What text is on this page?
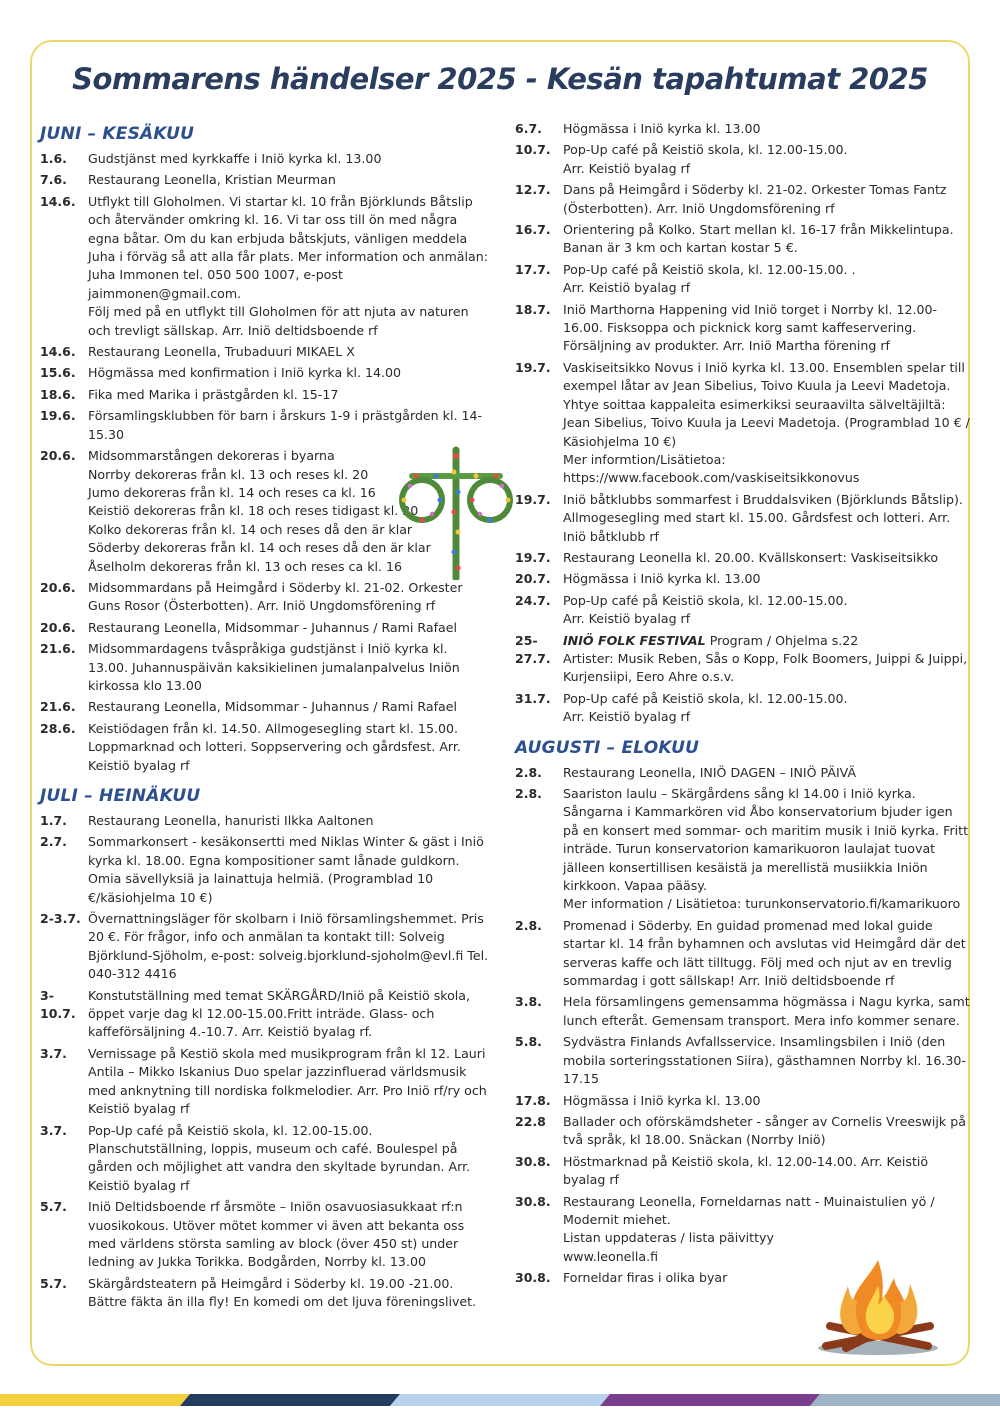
Sommarens händelser 2025 - Kesän tapahtumat 2025
JUNI – KESÄKUU
1.6.	Gudstjänst med kyrkkaffe i Iniö kyrka kl. 13.00
7.6.	Restaurang Leonella, Kristian Meurman
14.6. Utflykt till Gloholmen. Vi startar kl. 10 från Björklunds Båtslip och återvänder omkring kl. 16. Vi tar oss till ön med några egna båtar. Om du kan erbjuda båtskjuts, vänligen meddela Juha i förväg så att alla får plats. Mer information och anmälan: Juha Immonen tel. 050 500 1007, e-post jaimmonen@gmail.com.
Följ med på en utflykt till Gloholmen för att njuta av naturen och trevligt sällskap. Arr. Iniö deltidsboende rf
14.6. Restaurang Leonella, Trubaduuri MIKAEL X
15.6. Högmässa med konfirmation i Iniö kyrka kl. 14.00
18.6. Fika med Marika i prästgården kl. 15-17
19.6. Församlingsklubben för barn i årskurs 1-9 i prästgården kl. 14-15.30
20.6. Midsommarstången dekoreras i byarna
Norrby dekoreras från kl. 13 och reses kl. 20
Jumo dekoreras från kl. 14 och reses ca kl. 16
Keistiö dekoreras från kl. 18 och reses tidigast kl. 20
Kolko dekoreras från kl. 14 och reses då den är klar
Söderby dekoreras från kl. 14 och reses då den är klar
Åselholm dekoreras från kl. 13 och reses ca kl. 16
20.6. Midsommardans på Heimgård i Söderby kl. 21-02. Orkester Guns Rosor (Österbotten). Arr. Iniö Ungdomsförening rf
20.6. Restaurang Leonella, Midsommar - Juhannus / Rami Rafael
21.6. Midsommardagens tvåspråkiga gudstjänst i Iniö kyrka kl. 13.00. Juhannuspäivän kaksikielinen jumalanpalvelus Iniön kirkossa klo 13.00
21.6. Restaurang Leonella, Midsommar - Juhannus / Rami Rafael
28.6. Keistiödagen från kl. 14.50. Allmogesegling start kl. 15.00. Loppmarknad och lotteri. Soppservering och gårdsfest. Arr. Keistiö byalag rf
JULI – HEINÄKUU
1.7.	Restaurang Leonella, hanuristi Ilkka Aaltonen
2.7.	Sommarkonsert - kesäkonsertti med Niklas Winter & gäst i Iniö kyrka kl. 18.00. Egna kompositioner samt lånade guldkorn. Omia sävellyksiä ja lainattuja helmiä. (Programblad 10 €/käsiohjelma 10 €)
2-3.7. Övernattningsläger för skolbarn i Iniö församlingshemmet. Pris 20 €. För frågor, info och anmälan ta kontakt till: Solveig Björklund-Sjöholm, e-post: solveig.bjorklund-sjoholm@evl.fi Tel. 040-312 4416
3-10.7.
Konstutställning med temat SKÄRGÅRD/Iniö på Keistiö skola, öppet varje dag kl 12.00-15.00.Fritt inträde. Glass- och kaffeförsäljning 4.-10.7. Arr. Keistiö byalag rf.
3.7.	Vernissage på Kestiö skola med musikprogram från kl 12. Lauri Antila – Mikko Iskanius Duo spelar jazzinfluerad världsmusik med anknytning till nordiska folkmelodier. Arr. Pro Iniö rf/ry och Keistiö byalag rf
3.7.	Pop-Up café på Keistiö skola, kl. 12.00-15.00. Planschutställning, loppis, museum och café. Boulespel på gården och möjlighet att vandra den skyltade byrundan. Arr. Keistiö byalag rf
5.7.	Iniö Deltidsboende rf årsmöte – Iniön osavuosiasukkaat rf:n vuosikokous. Utöver mötet kommer vi även att bekanta oss med världens största samling av block (över 450 st) under ledning av Jukka Torikka. Bodgården, Norrby kl. 13.00
5.7.	Skärgårdsteatern på Heimgård i Söderby kl. 19.00 -21.00. Bättre fäkta än illa fly! En komedi om det ljuva föreningslivet.
6.7.	Högmässa i Iniö kyrka kl. 13.00
10.7. Pop-Up café på Keistiö skola, kl. 12.00-15.00.
Arr. Keistiö byalag rf
12.7. Dans på Heimgård i Söderby kl. 21-02. Orkester Tomas Fantz (Österbotten). Arr. Iniö Ungdomsförening rf
16.7. Orientering på Kolko. Start mellan kl. 16-17 från Mikkelintupa. Banan är 3 km och kartan kostar 5 €.
17.7. Pop-Up café på Keistiö skola, kl. 12.00-15.00. .
Arr. Keistiö byalag rf
18.7. Iniö Marthorna Happening vid Iniö torget i Norrby kl. 12.00-16.00. Fisksoppa och picknick korg samt kaffeservering. Försäljning av produkter. Arr. Iniö Martha förening rf
19.7. Vaskiseitsikko Novus i Iniö kyrka kl. 13.00. Ensemblen spelar till exempel låtar av Jean Sibelius, Toivo Kuula ja Leevi Madetoja. Yhtye soittaa kappaleita esimerkiksi seuraavilta sälveltäjiltä: Jean Sibelius, Toivo Kuula ja Leevi Madetoja. (Programblad 10 € / Käsiohjelma 10 €)
Mer informtion/Lisätietoa: https://www.facebook.com/vaskiseitsikkonovus
19.7. Iniö båtklubbs sommarfest i Bruddalsviken (Björklunds Båtslip). Allmogesegling med start kl. 15.00. Gårdsfest och lotteri. Arr. Iniö båtklubb rf
19.7. Restaurang Leonella kl. 20.00. Kvällskonsert: Vaskiseitsikko
20.7. Högmässa i Iniö kyrka kl. 13.00
24.7. Pop-Up café på Keistiö skola, kl. 12.00-15.00.
Arr. Keistiö byalag rf
25-27.7.
INIÖ FOLK FESTIVAL Program / Ohjelma s.22
Artister: Musik Reben, Sås o Kopp, Folk Boomers, Juippi & Juippi, Kurjensiipi, Eero Ahre o.s.v.
31.7. Pop-Up café på Keistiö skola, kl. 12.00-15.00.
Arr. Keistiö byalag rf
AUGUSTI – ELOKUU
2.8.	Restaurang Leonella, INIÖ DAGEN – INIÖ PÄIVÄ
2.8.	Saariston laulu – Skärgårdens sång kl 14.00 i Iniö kyrka. Sångarna i Kammarkören vid Åbo konservatorium bjuder igen på en konsert med sommar- och maritim musik i Iniö kyrka. Fritt inträde. Turun konservatorion kamarikuoron laulajat tuovat jälleen konsertillisen kesäistä ja merellistä musiikkia Iniön kirkkoon. Vapaa pääsy.
Mer information / Lisätietoa: turunkonservatorio.fi/kamarikuoro
2.8.	Promenad i Söderby. En guidad promenad med lokal guide startar kl. 14 från byhamnen och avslutas vid Heimgård där det serveras kaffe och lätt tilltugg. Följ med och njut av en trevlig sommardag i gott sällskap! Arr. Iniö deltidsboende rf
3.8.	Hela församlingens gemensamma högmässa i Nagu kyrka, samt lunch efteråt. Gemensam transport. Mera info kommer senare.
5.8.	Sydvästra Finlands Avfallsservice. Insamlingsbilen i Iniö (den mobila sorteringsstationen Siira), gästhamnen Norrby kl. 16.30-17.15
17.8. Högmässa i Iniö kyrka kl. 13.00
22.8	Ballader och oförskämdsheter - sånger av Cornelis Vreeswijk på två språk, kl 18.00. Snäckan (Norrby Iniö)
30.8. Höstmarknad på Keistiö skola, kl. 12.00-14.00. Arr. Keistiö byalag rf
30.8. Restaurang Leonella, Forneldarnas natt - Muinaistulien yö / Modernit miehet.
Listan uppdateras / lista päivittyy
www.leonella.fi
30.8. Forneldar firas i olika byar
